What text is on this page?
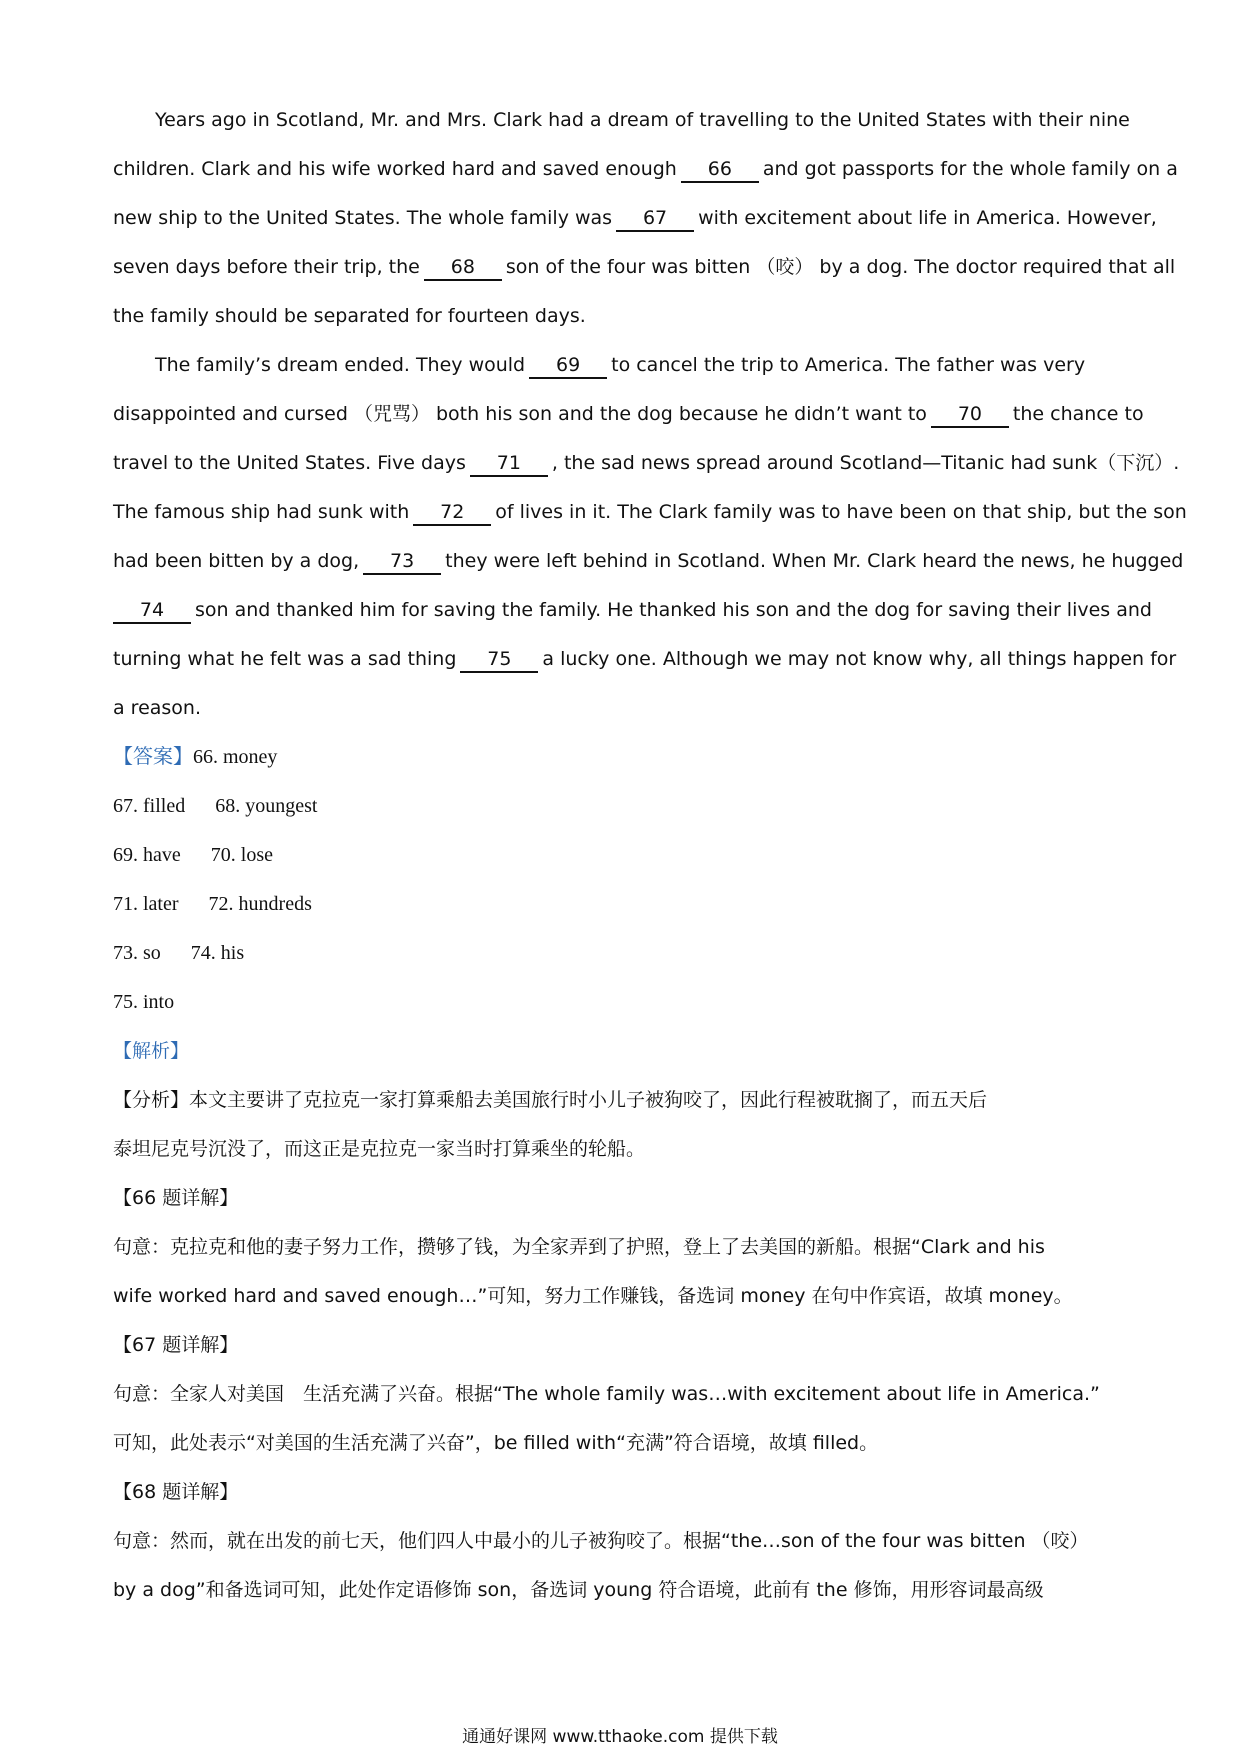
Years ago in Scotland, Mr. and Mrs. Clark had a dream of travelling to the United States with their nine
children. Clark and his wife worked hard and saved enough 66 and got passports for the whole family on a
new ship to the United States. The whole family was 67 with excitement about life in America. However,
seven days before their trip, the 68 son of the four was bitten （咬） by a dog. The doctor required that all
the family should be separated for fourteen days.
The family’s dream ended. They would 69 to cancel the trip to America. The father was very
disappointed and cursed （咒骂） both his son and the dog because he didn’t want to 70 the chance to
travel to the United States. Five days 71 , the sad news spread around Scotland—Titanic had sunk（下沉）.
The famous ship had sunk with 72 of lives in it. The Clark family was to have been on that ship, but the son
had been bitten by a dog, 73 they were left behind in Scotland. When Mr. Clark heard the news, he hugged
74 son and thanked him for saving the family. He thanked his son and the dog for saving their lives and
turning what he felt was a sad thing 75 a lucky one. Although we may not know why, all things happen for
a reason.
【答案】66. money
67. filled 68. youngest
69. have 70. lose
71. later 72. hundreds
73. so 74. his
75. into
【解析】
【分析】本文主要讲了克拉克一家打算乘船去美国旅行时小儿子被狗咬了，因此行程被耽搁了，而五天后
泰坦尼克号沉没了，而这正是克拉克一家当时打算乘坐的轮船。
【66 题详解】
句意：克拉克和他的妻子努力工作，攒够了钱，为全家弄到了护照，登上了去美国的新船。根据“Clark and his
wife worked hard and saved enough…”可知，努力工作赚钱，备选词 money 在句中作宾语，故填 money。
【67 题详解】
句意：全家人对美国　生活充满了兴奋。根据“The whole family was…with excitement about life in America.”
可知，此处表示“对美国的生活充满了兴奋”，be filled with“充满”符合语境，故填 filled。
【68 题详解】
句意：然而，就在出发的前七天，他们四人中最小的儿子被狗咬了。根据“the…son of the four was bitten （咬）
by a dog”和备选词可知，此处作定语修饰 son，备选词 young 符合语境，此前有 the 修饰，用形容词最高级
通通好课网 www.tthaoke.com 提供下载
